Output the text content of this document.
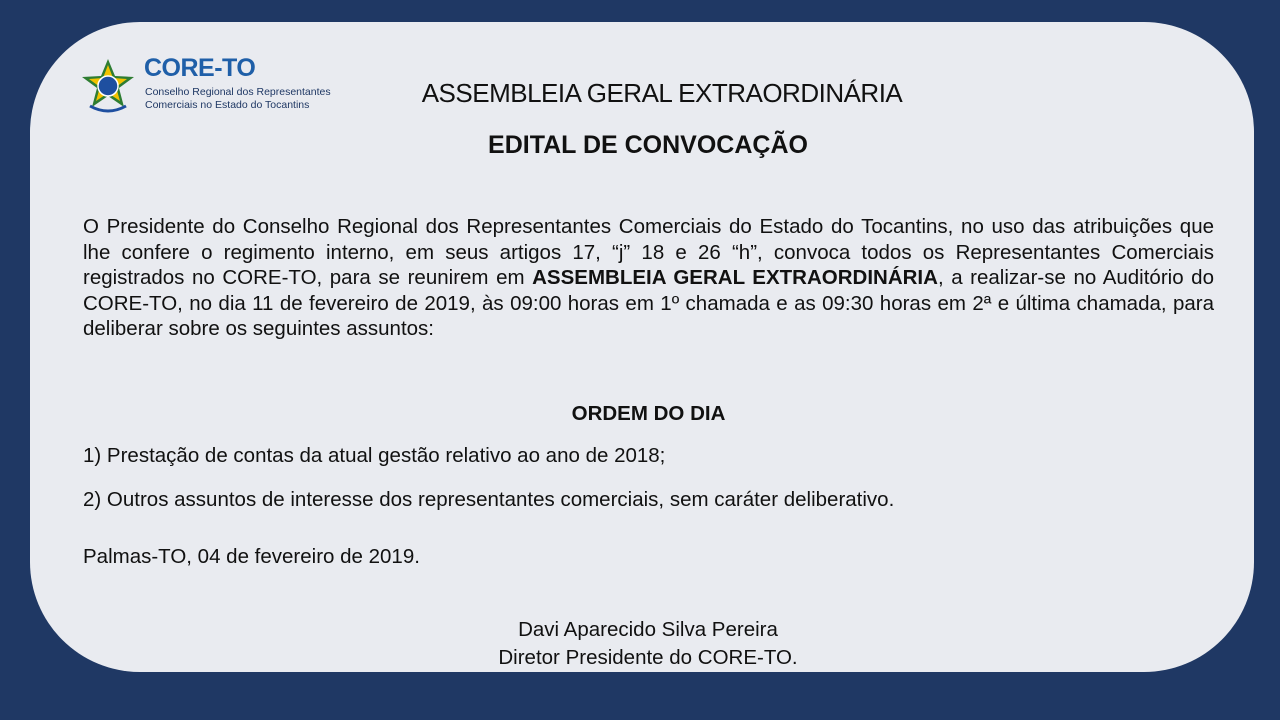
CORE-TO
Conselho Regional dos Representantes
Comerciais no Estado do Tocantins	ASSEMBLEIA GERAL EXTRAORDINÁRIA
EDITAL DE CONVOCAÇÃO
O Presidente do Conselho Regional dos Representantes Comerciais do Estado do Tocantins, no uso das atribuições que lhe confere o regimento interno, em seus artigos 17, “j” 18 e 26 “h”, convoca todos os Representantes Comerciais registrados no CORE-TO, para se reunirem em ASSEMBLEIA GERAL EXTRAORDINÁRIA, a realizar-se no Auditório do CORE-TO, no dia 11 de fevereiro de 2019, às 09:00 horas em 1º chamada e as 09:30 horas em 2ª e última chamada, para deliberar sobre os seguintes assuntos:
ORDEM DO DIA
1) Prestação de contas da atual gestão relativo ao ano de 2018;
2) Outros assuntos de interesse dos representantes comerciais, sem caráter deliberativo.
Palmas-TO, 04 de fevereiro de 2019.
Davi Aparecido Silva Pereira
Diretor Presidente do CORE-TO.
